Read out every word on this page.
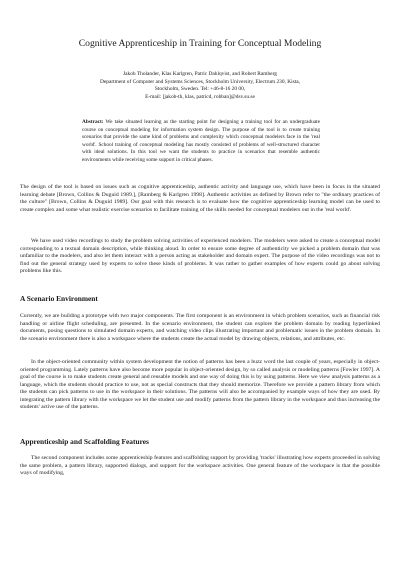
Cognitive Apprenticeship in Training for Conceptual Modeling
Jakob Tholander, Klas Karlgren, Patric Dahlqvist, and Robert Ramberg
Department of Computer and Systems Sciences, Stockholm University, Electrum 230, Kista,
Stockholm, Sweden. Tel: +46-8-16 20 00,
E-mail: [jakob-th, klas, patricd, robban]@dsv.su.se
Abstract: We take situated learning as the starting point for designing a training tool for an undergraduate course on conceptual modeling for information system design. The purpose of the tool is to create training scenarios that provide the same kind of problems and complexity which conceptual modelers face in the 'real world'. School training of conceptual modeling has mostly consisted of problems of well-structured character with ideal solutions. In this tool we want the students to practice in scenarios that resemble authentic environments while receiving some support in critical phases.

The design of the tool is based on issues such as cognitive apprenticeship, authentic activity and language use, which have been in focus in the situated learning debate [Brown, Collins & Duguid 1989.], [Ramberg & Karlgren 1998]. Authentic activities as defined by Brown refer to "the ordinary practices of the culture" [Brown, Collins & Duguid 1989]. Our goal with this research is to evaluate how the cognitive apprenticeship learning model can be used to create complex and some what realistic exercise scenarios to facilitate training of the skills needed for conceptual modelers out in the 'real world'.

We have used video recordings to study the problem solving activities of experienced modelers. The modelers were asked to create a conceptual model corresponding to a textual domain description, while thinking aloud. In order to ensure some degree of authenticity we picked a problem domain that was unfamiliar to the modelers, and also let them interact with a person acting as stakeholder and domain expert. The purpose of the video recordings was not to find out the general strategy used by experts to solve these kinds of problems. It was rather to gather examples of how experts could go about solving problems like this.

A Scenario Environment

Currently, we are building a prototype with two major components. The first component is an environment in which problem scenarios, such as financial risk handling or airline flight scheduling, are presented. In the scenario environment, the student can explore the problem domain by reading hyperlinked documents, posing questions to simulated domain experts, and watching video clips illustrating important and problematic issues in the problem domain. In the scenario environment there is also a workspace where the students create the actual model by drawing objects, relations, and attributes, etc.

In the object-oriented community within system development the notion of patterns has been a buzz word the last couple of years, especially in object-oriented programming. Lately patterns have also become more popular in object-oriented design, by so called analysis or modeling patterns [Fowler 1997]. A goal of the course is to make students create general and reusable models and one way of doing this is by using patterns. Here we view analysis patterns as a language, which the students should practice to use, not as special constructs that they should memorize. Therefore we provide a pattern library from which the students can pick patterns to use in the workspace in their solutions. The patterns will also be accompanied by example ways of how they are used. By integrating the pattern library with the workspace we let the student use and modify patterns from the pattern library in the workspace and thus increasing the students' active use of the patterns.

Apprenticeship and Scaffolding Features

The second component includes some apprenticeship features and scaffolding support by providing 'tracks' illustrating how experts proceeded in solving the same problem, a pattern library, supported dialogs, and support for the workspace activities. One general feature of the workspace is that the possible ways of modifying,
